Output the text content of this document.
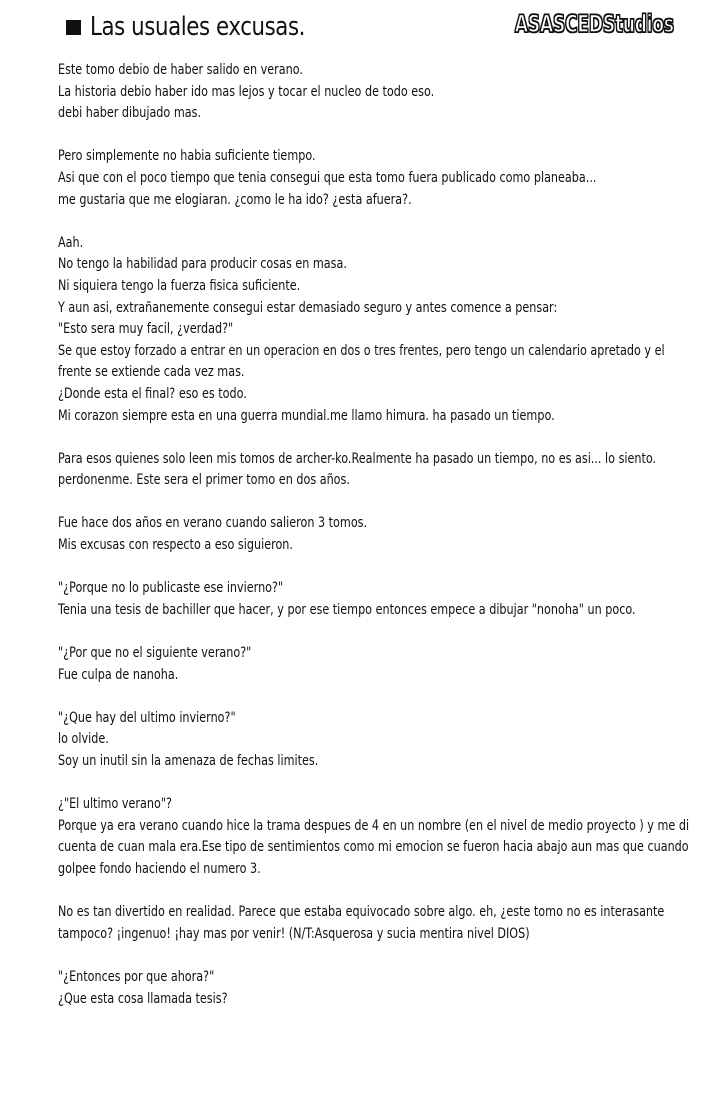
Las usuales excusas.	ASASCEDStudios

Este tomo debio de haber salido en verano.
La historia debio haber ido mas lejos y tocar el nucleo de todo eso.
debi haber dibujado mas.

Pero simplemente no habia suficiente tiempo.
Asi que con el poco tiempo que tenia consegui que esta tomo fuera publicado como planeaba...
me gustaria que me elogiaran. ¿como le ha ido? ¿esta afuera?.

Aah.
No tengo la habilidad para producir cosas en masa.
Ni siquiera tengo la fuerza fisica suficiente.
Y aun asi, extrañanemente consegui estar demasiado seguro y antes comence a pensar:
"Esto sera muy facil, ¿verdad?"
Se que estoy forzado a entrar en un operacion en dos o tres frentes, pero tengo un calendario apretado y el
frente se extiende cada vez mas.
¿Donde esta el final? eso es todo.
Mi corazon siempre esta en una guerra mundial.me llamo himura. ha pasado un tiempo.

Para esos quienes solo leen mis tomos de archer-ko.Realmente ha pasado un tiempo, no es asi... lo siento.
perdonenme. Este sera el primer tomo en dos años.

Fue hace dos años en verano cuando salieron 3 tomos.
Mis excusas con respecto a eso siguieron.

"¿Porque no lo publicaste ese invierno?"
Tenia una tesis de bachiller que hacer, y por ese tiempo entonces empece a dibujar "nonoha" un poco.

"¿Por que no el siguiente verano?"
Fue culpa de nanoha.

"¿Que hay del ultimo invierno?"
lo olvide.
Soy un inutil sin la amenaza de fechas limites.

¿"El ultimo verano"?
Porque ya era verano cuando hice la trama despues de 4 en un nombre (en el nivel de medio proyecto ) y me di
cuenta de cuan mala era.Ese tipo de sentimientos como mi emocion se fueron hacia abajo aun mas que cuando
golpee fondo haciendo el numero 3.

No es tan divertido en realidad. Parece que estaba equivocado sobre algo. eh, ¿este tomo no es interasante
tampoco? ¡ingenuo! ¡hay mas por venir! (N/T:Asquerosa y sucia mentira nivel DIOS)

"¿Entonces por que ahora?"
¿Que esta cosa llamada tesis?
